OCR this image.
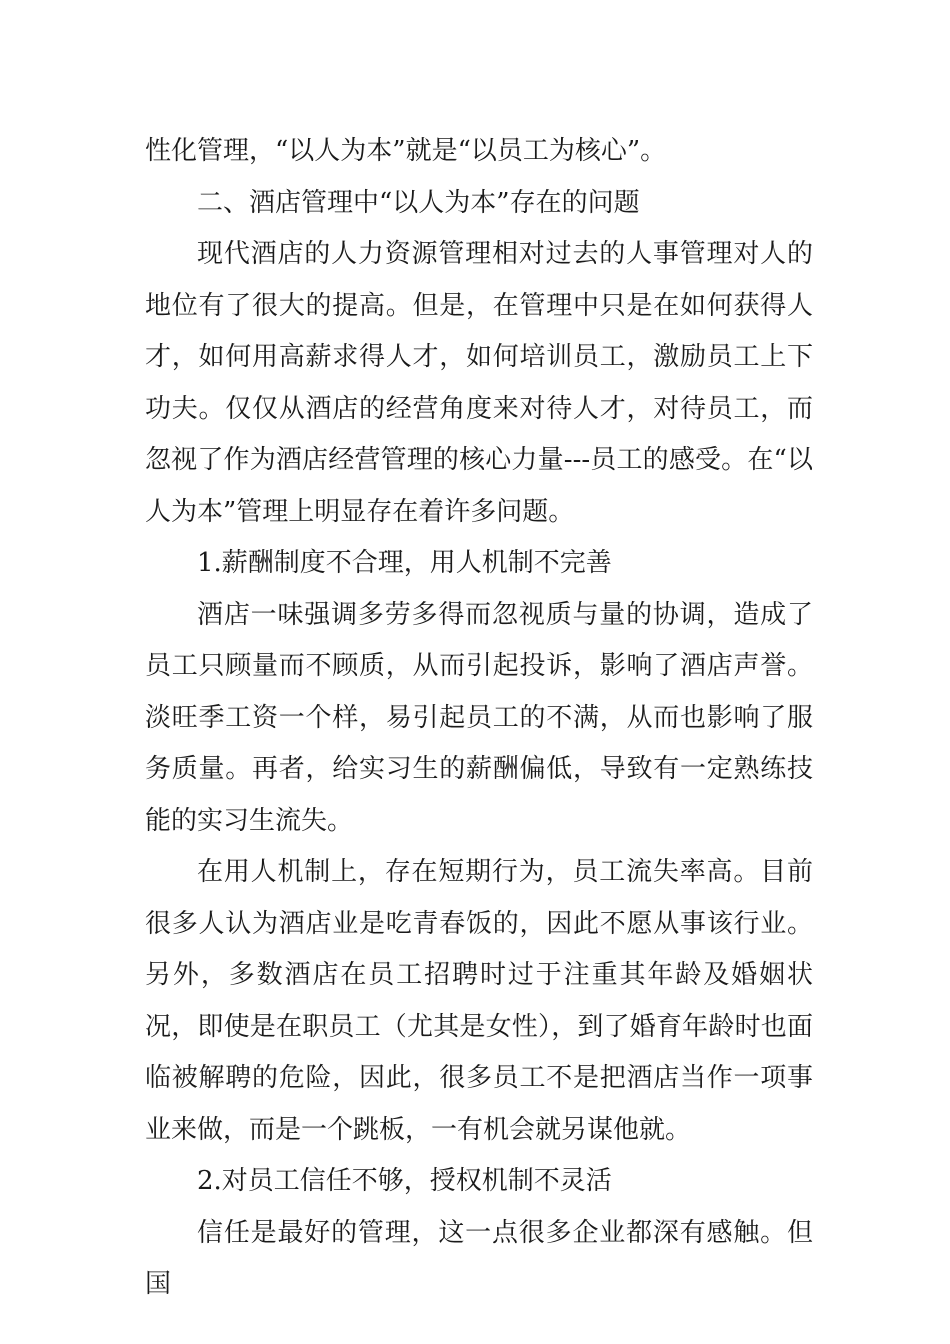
性化管理，“以人为本”就是“以员工为核心”。

二、酒店管理中“以人为本”存在的问题

现代酒店的人力资源管理相对过去的人事管理对人的地位有了很大的提高。但是，在管理中只是在如何获得人才，如何用高薪求得人才，如何培训员工，激励员工上下功夫。仅仅从酒店的经营角度来对待人才，对待员工，而忽视了作为酒店经营管理的核心力量---员工的感受。在“以人为本”管理上明显存在着许多问题。

1.薪酬制度不合理，用人机制不完善

酒店一味强调多劳多得而忽视质与量的协调，造成了员工只顾量而不顾质，从而引起投诉，影响了酒店声誉。淡旺季工资一个样，易引起员工的不满，从而也影响了服务质量。再者，给实习生的薪酬偏低，导致有一定熟练技能的实习生流失。

在用人机制上，存在短期行为，员工流失率高。目前很多人认为酒店业是吃青春饭的，因此不愿从事该行业。另外，多数酒店在员工招聘时过于注重其年龄及婚姻状况，即使是在职员工（尤其是女性），到了婚育年龄时也面临被解聘的危险，因此，很多员工不是把酒店当作一项事业来做，而是一个跳板，一有机会就另谋他就。

2.对员工信任不够，授权机制不灵活

信任是最好的管理，这一点很多企业都深有感触。但国
